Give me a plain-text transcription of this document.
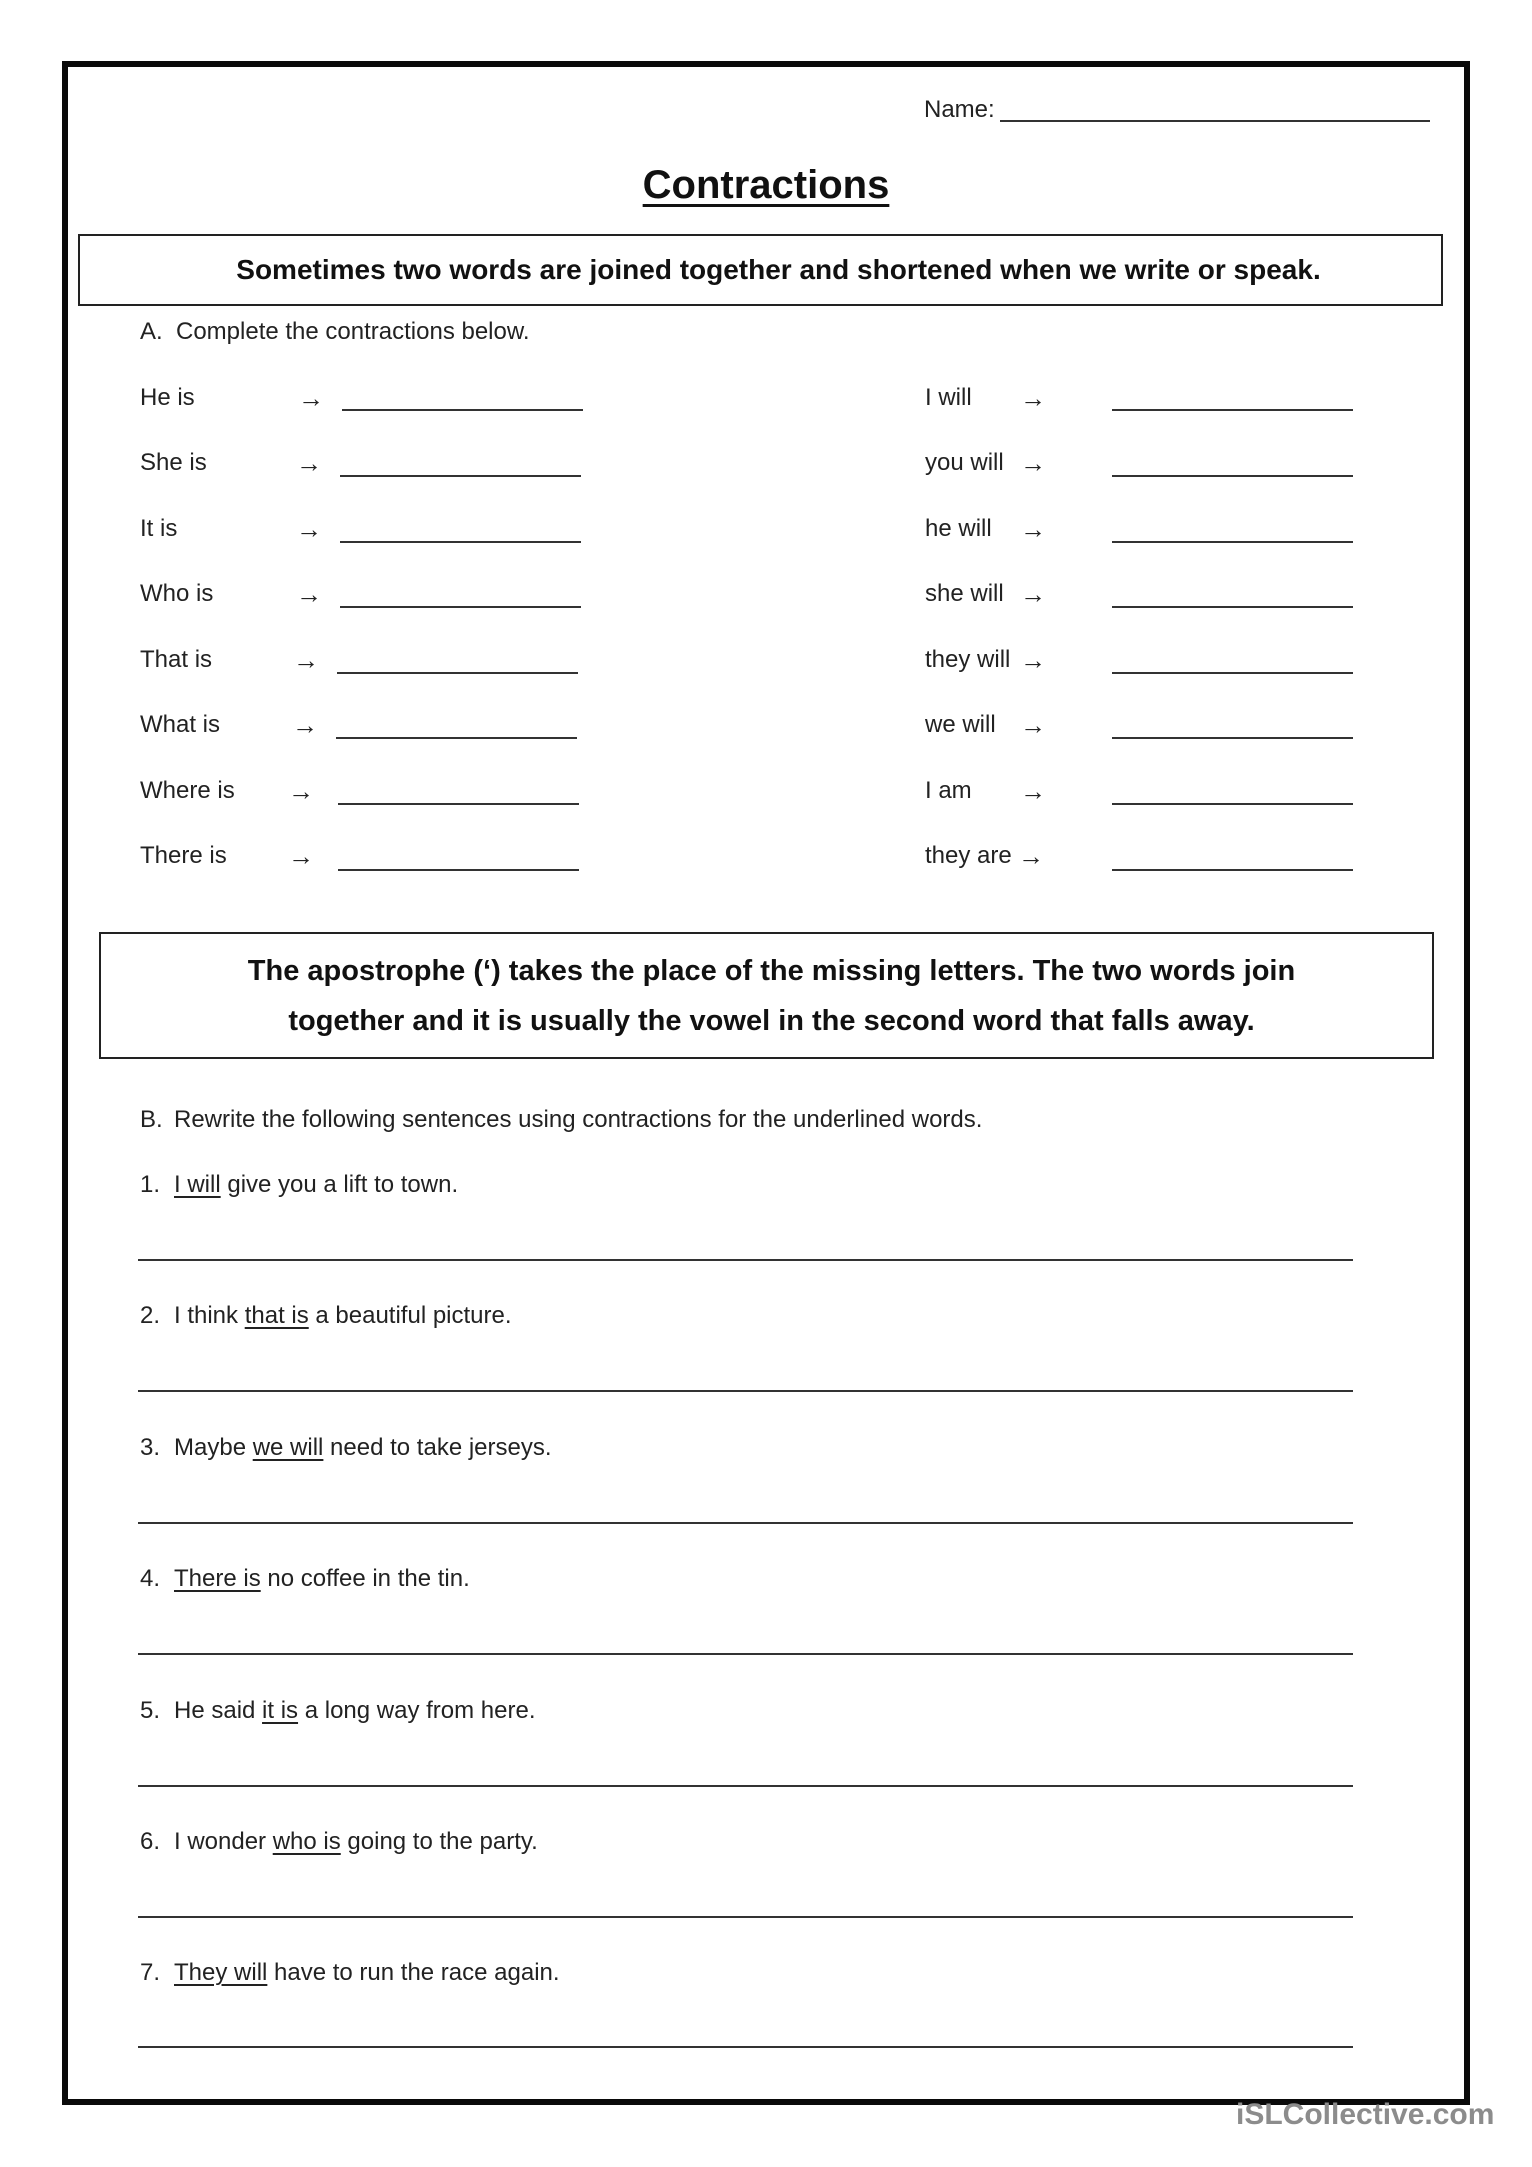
Name:
Contractions
Sometimes two words are joined together and shortened when we write or speak.
A. Complete the contractions below.
He is	→
She is	→
It is	→
Who is	→
That is	→
What is	→
Where is →
There is →
I will →
you will →
he will →
she will →
they will →
we will →
I am →
they are →
The apostrophe (‘) takes the place of the missing letters. The two words join
together and it is usually the vowel in the second word that falls away.
B. Rewrite the following sentences using contractions for the underlined words.
1. I will give you a lift to town.
2. I think that is a beautiful picture.
3. Maybe we will need to take jerseys.
4. There is no coffee in the tin.
5. He said it is a long way from here.
6. I wonder who is going to the party.
7. They will have to run the race again.
iSLCollective.com
